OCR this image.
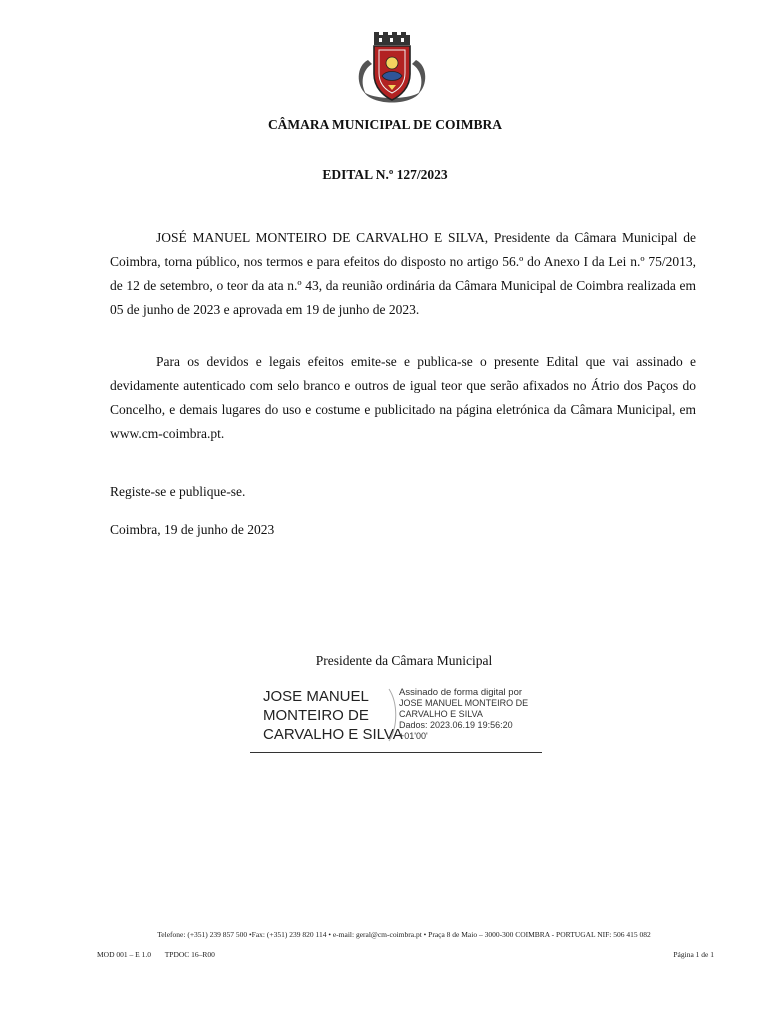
CÂMARA MUNICIPAL DE COIMBRA
EDITAL N.º 127/2023
JOSÉ MANUEL MONTEIRO DE CARVALHO E SILVA, Presidente da Câmara Municipal de Coimbra, torna público, nos termos e para efeitos do disposto no artigo 56.º do Anexo I da Lei n.º 75/2013, de 12 de setembro, o teor da ata n.º 43, da reunião ordinária da Câmara Municipal de Coimbra realizada em 05 de junho de 2023 e aprovada em 19 de junho de 2023.
Para os devidos e legais efeitos emite-se e publica-se o presente Edital que vai assinado e devidamente autenticado com selo branco e outros de igual teor que serão afixados no Átrio dos Paços do Concelho, e demais lugares do uso e costume e publicitado na página eletrónica da Câmara Municipal, em www.cm-coimbra.pt.
Registe-se e publique-se.
Coimbra, 19 de junho de 2023
Presidente da Câmara Municipal
JOSE MANUEL
MONTEIRO DE
CARVALHO E SILVA
Assinado de forma digital por
JOSE MANUEL MONTEIRO DE
CARVALHO E SILVA
Dados: 2023.06.19 19:56:20
+01'00'
Telefone: (+351) 239 857 500 •Fax: (+351) 239 820 114 • e-mail: geral@cm-coimbra.pt • Praça 8 de Maio – 3000-300 COIMBRA - PORTUGAL NIF: 506 415 082
MOD 001 – E 1.0 TPDOC 16–R00	Página 1 de 1
